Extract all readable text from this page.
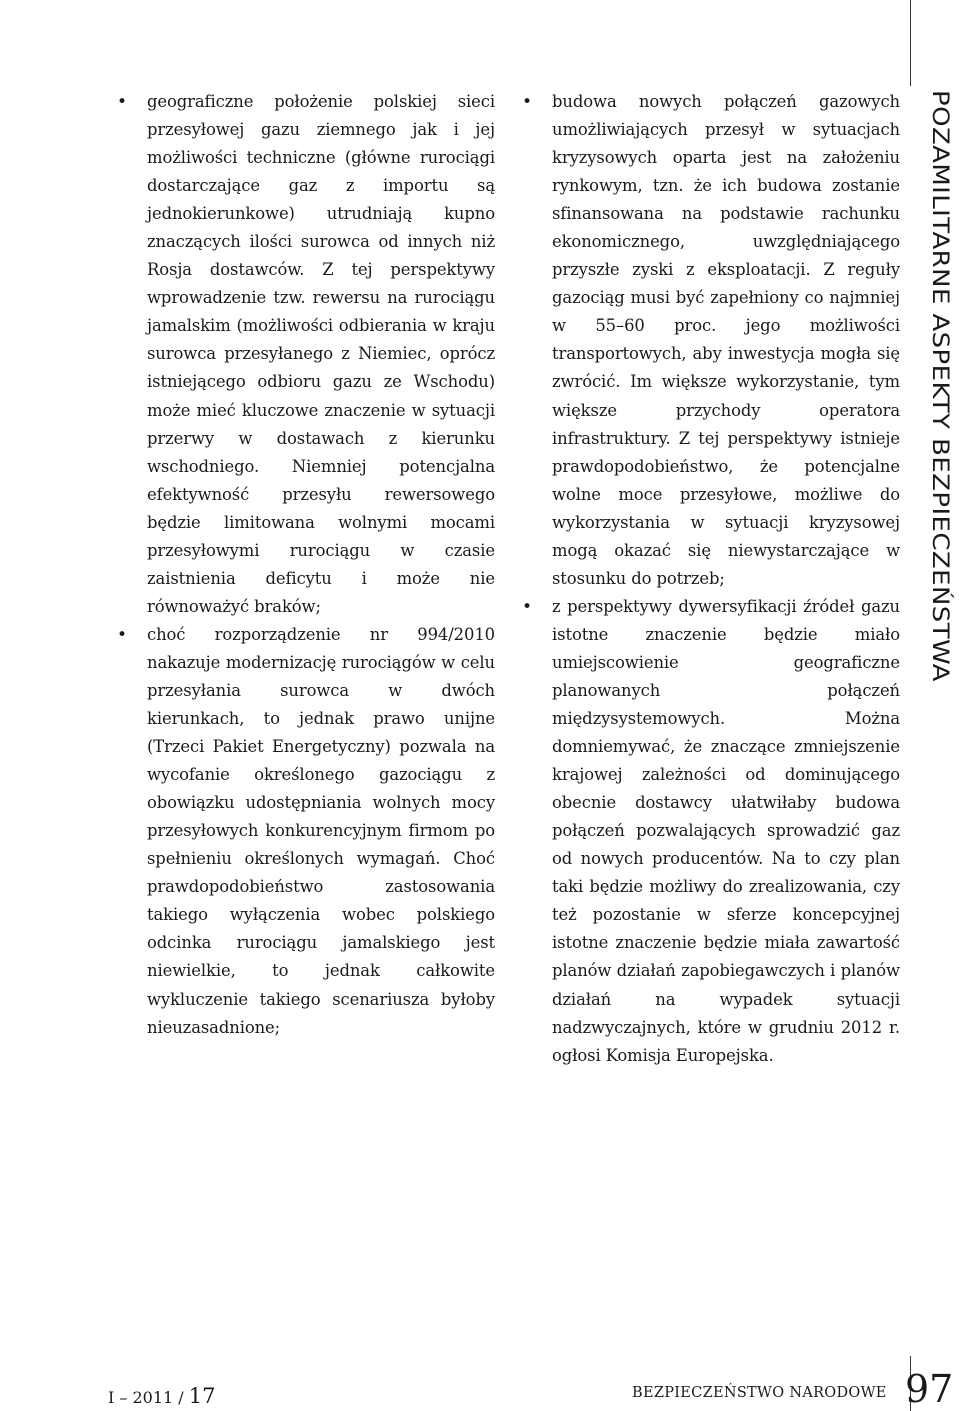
• geograficzne położenie polskiej sieci przesyłowej gazu ziemnego jak i jej możliwości techniczne (główne rurociągi dostarczające gaz z importu są jednokierunkowe) utrudniają kupno znaczących ilości surowca od innych niż Rosja dostawców. Z tej perspektywy wprowadzenie tzw. rewersu na rurociągu jamalskim (możliwości odbierania w kraju surowca przesyłanego z Niemiec, oprócz istniejącego odbioru gazu ze Wschodu) może mieć kluczowe znaczenie w sytuacji przerwy w dostawach z kierunku wschodniego. Niemniej potencjalna efektywność przesyłu rewersowego będzie limitowana wolnymi mocami przesyłowymi rurociągu w czasie zaistnienia deficytu i może nie równoważyć braków;
• choć rozporządzenie nr 994/2010 nakazuje modernizację rurociągów w celu przesyłania surowca w dwóch kierunkach, to jednak prawo unijne (Trzeci Pakiet Energetyczny) pozwala na wycofanie określonego gazociągu z obowiązku udostępniania wolnych mocy przesyłowych konkurencyjnym firmom po spełnieniu określonych wymagań. Choć prawdopodobieństwo zastosowania takiego wyłączenia wobec polskiego odcinka rurociągu jamalskiego jest niewielkie, to jednak całkowite wykluczenie takiego scenariusza byłoby nieuzasadnione;
• budowa nowych połączeń gazowych umożliwiających przesył w sytuacjach kryzysowych oparta jest na założeniu rynkowym, tzn. że ich budowa zostanie sfinansowana na podstawie rachunku ekonomicznego, uwzględniającego przyszłe zyski z eksploatacji. Z reguły gazociąg musi być zapełniony co najmniej w 55–60 proc. jego możliwości transportowych, aby inwestycja mogła się zwrócić. Im większe wykorzystanie, tym większe przychody operatora infrastruktury. Z tej perspektywy istnieje prawdopodobieństwo, że potencjalne wolne moce przesyłowe, możliwe do wykorzystania w sytuacji kryzysowej mogą okazać się niewystarczające w stosunku do potrzeb;
• z perspektywy dywersyfikacji źródeł gazu istotne znaczenie będzie miało umiejscowienie geograficzne planowanych połączeń międzysystemowych. Można domniemywać, że znaczące zmniejszenie krajowej zależności od dominującego obecnie dostawcy ułatwiłaby budowa połączeń pozwalających sprowadzić gaz od nowych producentów. Na to czy plan taki będzie możliwy do zrealizowania, czy też pozostanie w sferze koncepcyjnej istotne znaczenie będzie miała zawartość planów działań zapobiegawczych i planów działań na wypadek sytuacji nadzwyczajnych, które w grudniu 2012 r. ogłosi Komisja Europejska.
POZAMILITARNE ASPEKTY BEZPIECZEŃSTWA
I – 2011 / 17	BEZPIECZEŃSTWO NARODOWE 97
